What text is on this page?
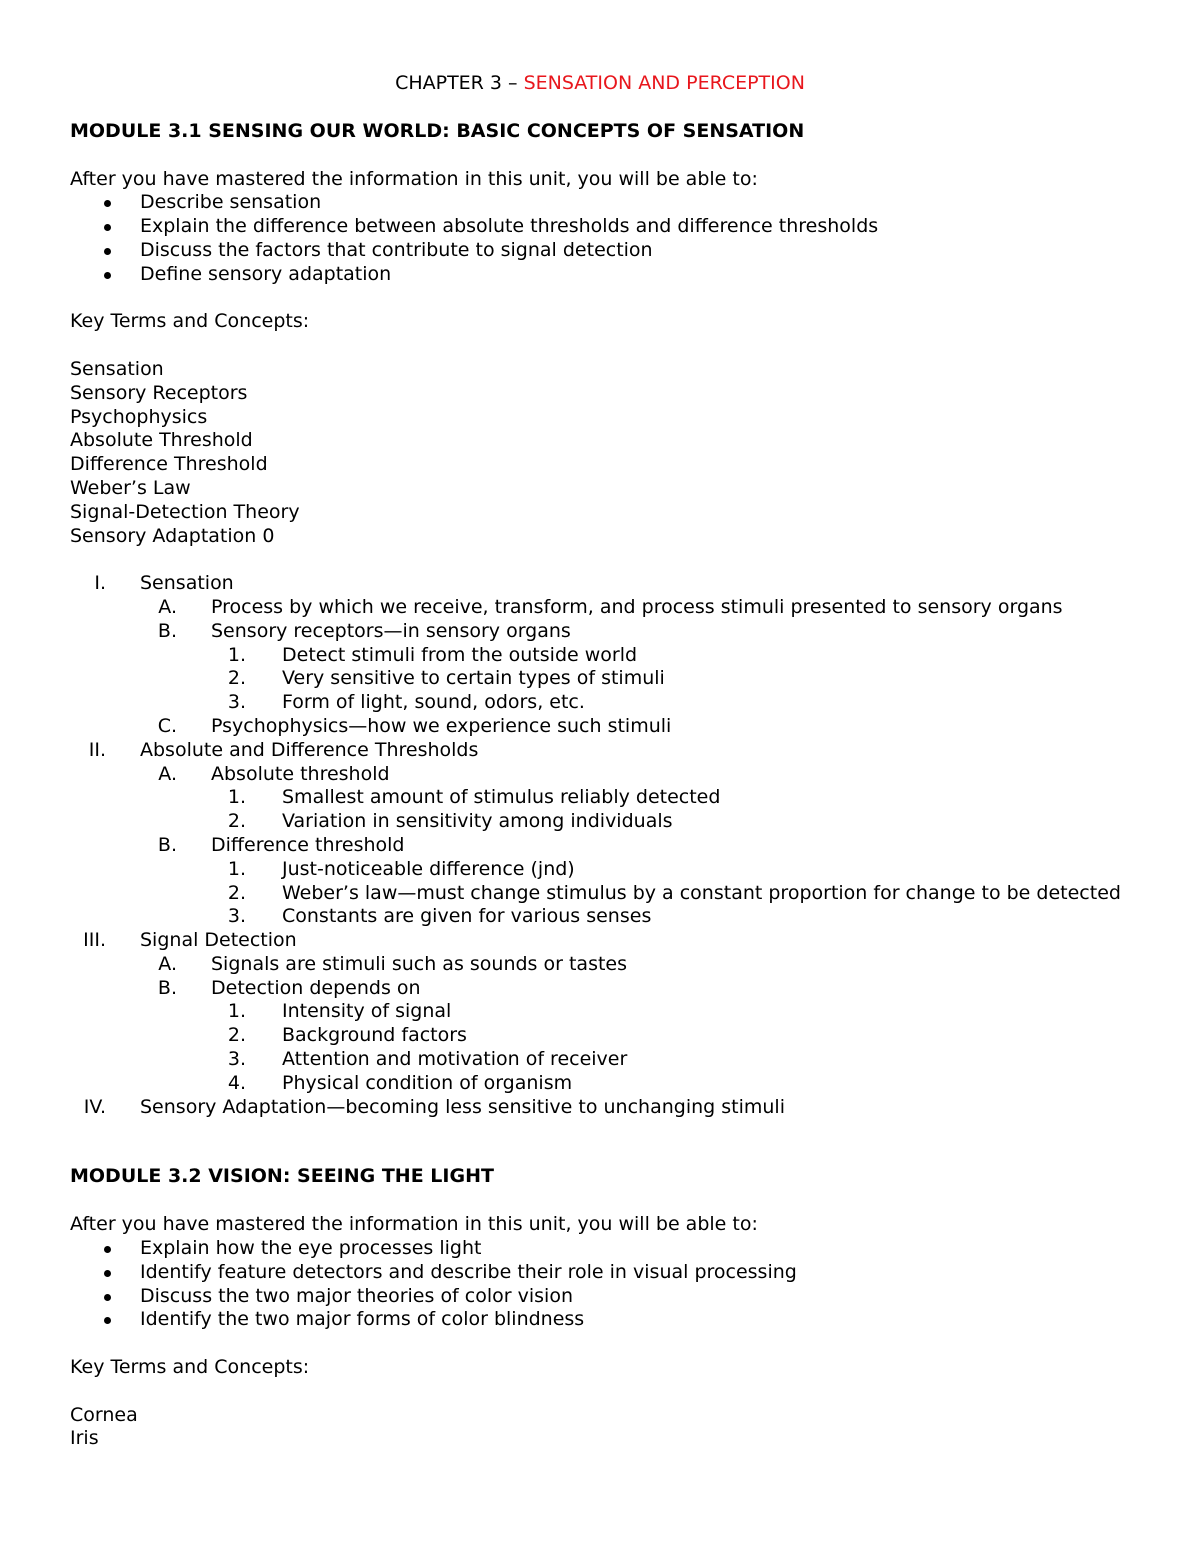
CHAPTER 3 – SENSATION AND PERCEPTION
MODULE 3.1 SENSING OUR WORLD: BASIC CONCEPTS OF SENSATION
After you have mastered the information in this unit, you will be able to:
Describe sensation
Explain the difference between absolute thresholds and difference thresholds
Discuss the factors that contribute to signal detection
Define sensory adaptation
Key Terms and Concepts:
Sensation
Sensory Receptors
Psychophysics
Absolute Threshold
Difference Threshold
Weber’s Law
Signal-Detection Theory
Sensory Adaptation 0
I. Sensation
A. Process by which we receive, transform, and process stimuli presented to sensory organs
B. Sensory receptors—in sensory organs
1. Detect stimuli from the outside world
2. Very sensitive to certain types of stimuli
3. Form of light, sound, odors, etc.
C. Psychophysics—how we experience such stimuli
II. Absolute and Difference Thresholds
A. Absolute threshold
1. Smallest amount of stimulus reliably detected
2. Variation in sensitivity among individuals
B. Difference threshold
1. Just-noticeable difference (jnd)
2. Weber’s law—must change stimulus by a constant proportion for change to be detected
3. Constants are given for various senses
III. Signal Detection
A. Signals are stimuli such as sounds or tastes
B. Detection depends on
1. Intensity of signal
2. Background factors
3. Attention and motivation of receiver
4. Physical condition of organism
IV. Sensory Adaptation—becoming less sensitive to unchanging stimuli
MODULE 3.2 VISION: SEEING THE LIGHT
After you have mastered the information in this unit, you will be able to:
Explain how the eye processes light
Identify feature detectors and describe their role in visual processing
Discuss the two major theories of color vision
Identify the two major forms of color blindness
Key Terms and Concepts:
Cornea
Iris
